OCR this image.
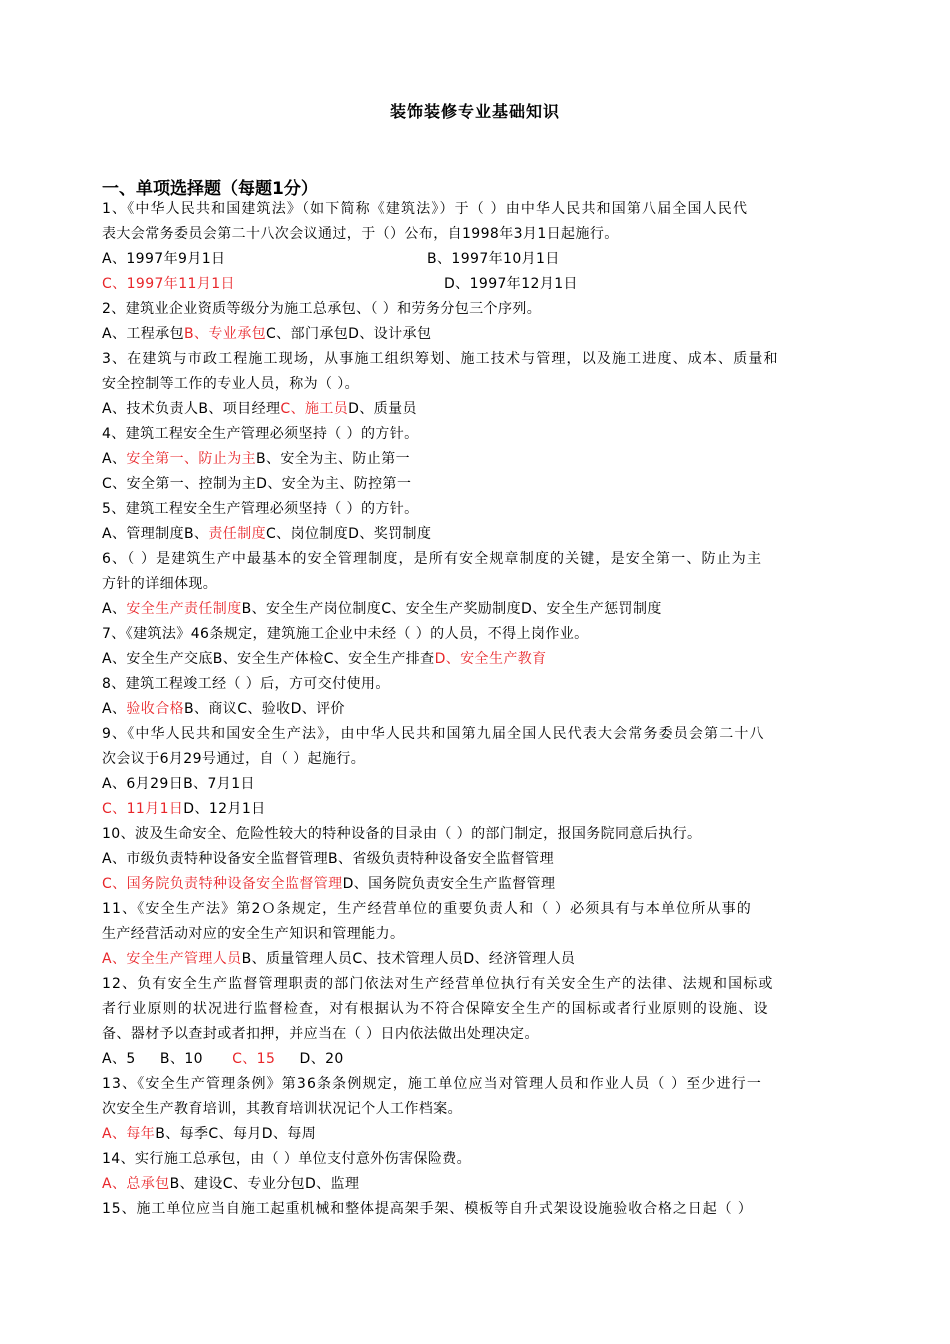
装饰装修专业基础知识
一、单项选择题（每题1分）
1、《中华人民共和国建筑法》（如下简称《建筑法》）于（ ）由中华人民共和国第八届全国人民代
表大会常务委员会第二十八次会议通过，于（）公布，自1998年3月1日起施行。
A、1997年9月1日	B、1997年10月1日
C、1997年11月1日	D、1997年12月1日
2、建筑业企业资质等级分为施工总承包、（ ）和劳务分包三个序列。
A、工程承包B、专业承包C、部门承包D、设计承包
3、在建筑与市政工程施工现场，从事施工组织筹划、施工技术与管理，以及施工进度、成本、质量和
安全控制等工作的专业人员，称为（ ）。
A、技术负责人B、项目经理C、施工员D、质量员
4、建筑工程安全生产管理必须坚持（ ）的方针。
A、安全第一、防止为主B、安全为主、防止第一
C、安全第一、控制为主D、安全为主、防控第一
5、建筑工程安全生产管理必须坚持（ ）的方针。
A、管理制度B、责任制度C、岗位制度D、奖罚制度
6、（ ）是建筑生产中最基本的安全管理制度，是所有安全规章制度的关键，是安全第一、防止为主
方针的详细体现。
A、安全生产责任制度B、安全生产岗位制度C、安全生产奖励制度D、安全生产惩罚制度
7、《建筑法》46条规定，建筑施工企业中未经（ ）的人员，不得上岗作业。
A、安全生产交底B、安全生产体检C、安全生产排查D、安全生产教育
8、建筑工程竣工经（ ）后，方可交付使用。
A、验收合格B、商议C、验收D、评价
9、《中华人民共和国安全生产法》，由中华人民共和国第九届全国人民代表大会常务委员会第二十八
次会议于6月29号通过，自（ ）起施行。
A、6月29日B、7月1日
C、11月1日D、12月1日
10、波及生命安全、危险性较大的特种设备的目录由（ ）的部门制定，报国务院同意后执行。
A、市级负责特种设备安全监督管理B、省级负责特种设备安全监督管理
C、国务院负责特种设备安全监督管理D、国务院负责安全生产监督管理
11、《安全生产法》第2Ｏ条规定，生产经营单位的重要负责人和（ ）必须具有与本单位所从事的
生产经营活动对应的安全生产知识和管理能力。
A、安全生产管理人员B、质量管理人员C、技术管理人员D、经济管理人员
12、负有安全生产监督管理职责的部门依法对生产经营单位执行有关安全生产的法律、法规和国标或
者行业原则的状况进行监督检查，对有根据认为不符合保障安全生产的国标或者行业原则的设施、设
备、器材予以查封或者扣押，并应当在（ ）日内依法做出处理决定。
A、5     B、10      C、15     D、20
13、《安全生产管理条例》第36条条例规定，施工单位应当对管理人员和作业人员（ ）至少进行一
次安全生产教育培训，其教育培训状况记个人工作档案。
A、每年B、每季C、每月D、每周
14、实行施工总承包，由（ ）单位支付意外伤害保险费。
A、总承包B、建设C、专业分包D、监理
15、施工单位应当自施工起重机械和整体提高架手架、模板等自升式架设设施验收合格之日起（ ）
